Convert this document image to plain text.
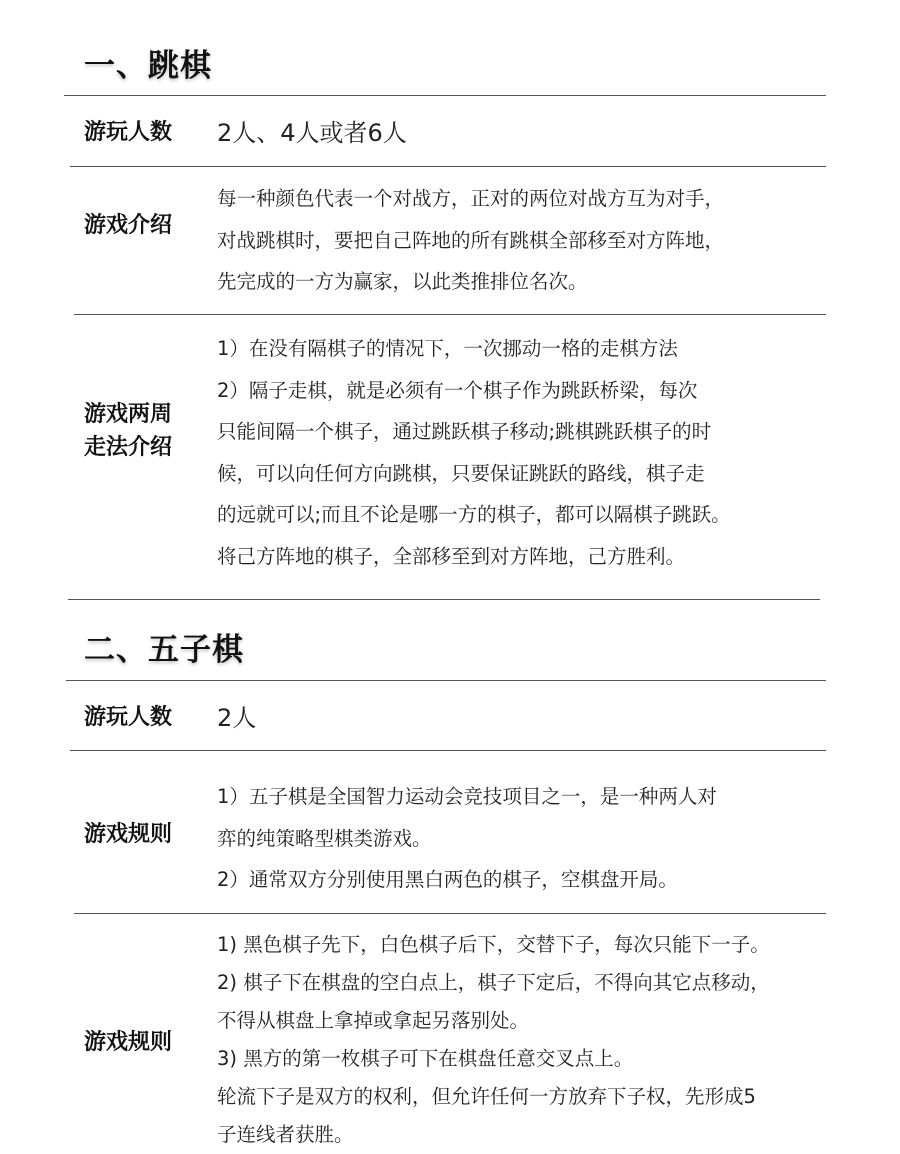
一、跳棋
游玩人数	2人、4人或者6人
游戏介绍
每一种颜色代表一个对战方，正对的两位对战方互为对手，
对战跳棋时，要把自己阵地的所有跳棋全部移至对方阵地，
先完成的一方为赢家，以此类推排位名次。
游戏两周
走法介绍
1）在没有隔棋子的情况下，一次挪动一格的走棋方法
2）隔子走棋，就是必须有一个棋子作为跳跃桥梁，每次
只能间隔一个棋子，通过跳跃棋子移动;跳棋跳跃棋子的时
候，可以向任何方向跳棋，只要保证跳跃的路线，棋子走
的远就可以;而且不论是哪一方的棋子，都可以隔棋子跳跃。
将己方阵地的棋子，全部移至到对方阵地，己方胜利。
二、五子棋
游玩人数	2人
游戏规则
1）五子棋是全国智力运动会竞技项目之一，是一种两人对
弈的纯策略型棋类游戏。
2）通常双方分别使用黑白两色的棋子，空棋盘开局。
游戏规则
1) 黑色棋子先下，白色棋子后下，交替下子，每次只能下一子。
2) 棋子下在棋盘的空白点上，棋子下定后，不得向其它点移动，
不得从棋盘上拿掉或拿起另落别处。
3) 黑方的第一枚棋子可下在棋盘任意交叉点上。
轮流下子是双方的权利，但允许任何一方放弃下子权，先形成5
子连线者获胜。
